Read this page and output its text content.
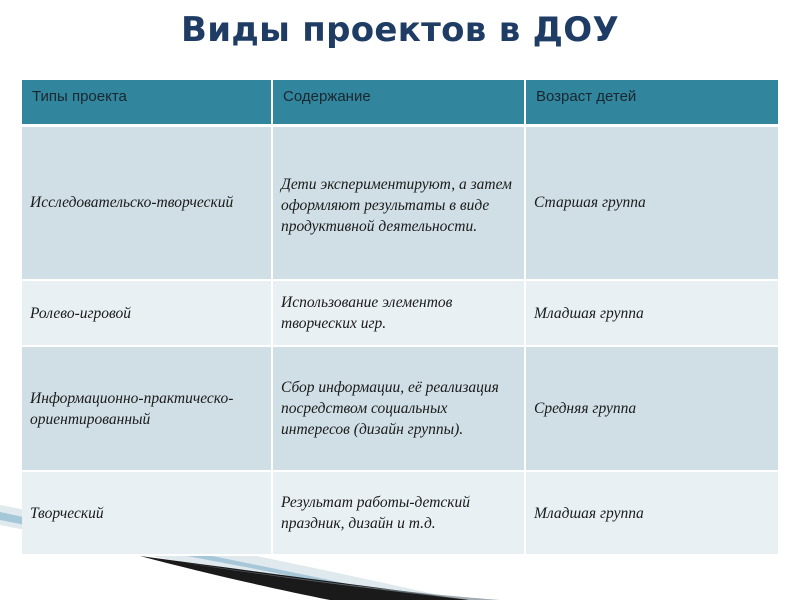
Виды проектов в ДОУ
Типы проекта	Содержание	Возраст детей
Исследовательско-творческий	Дети экспериментируют, а затем оформляют результаты в виде продуктивной деятельности.	Старшая группа
Ролево-игровой	Использование элементов творческих игр.	Младшая группа
Информационно-практическо-ориентированный	Сбор информации, её реализация посредством социальных интересов (дизайн группы).	Средняя группа
Творческий	Результат работы-детский праздник, дизайн и т.д.	Младшая группа
